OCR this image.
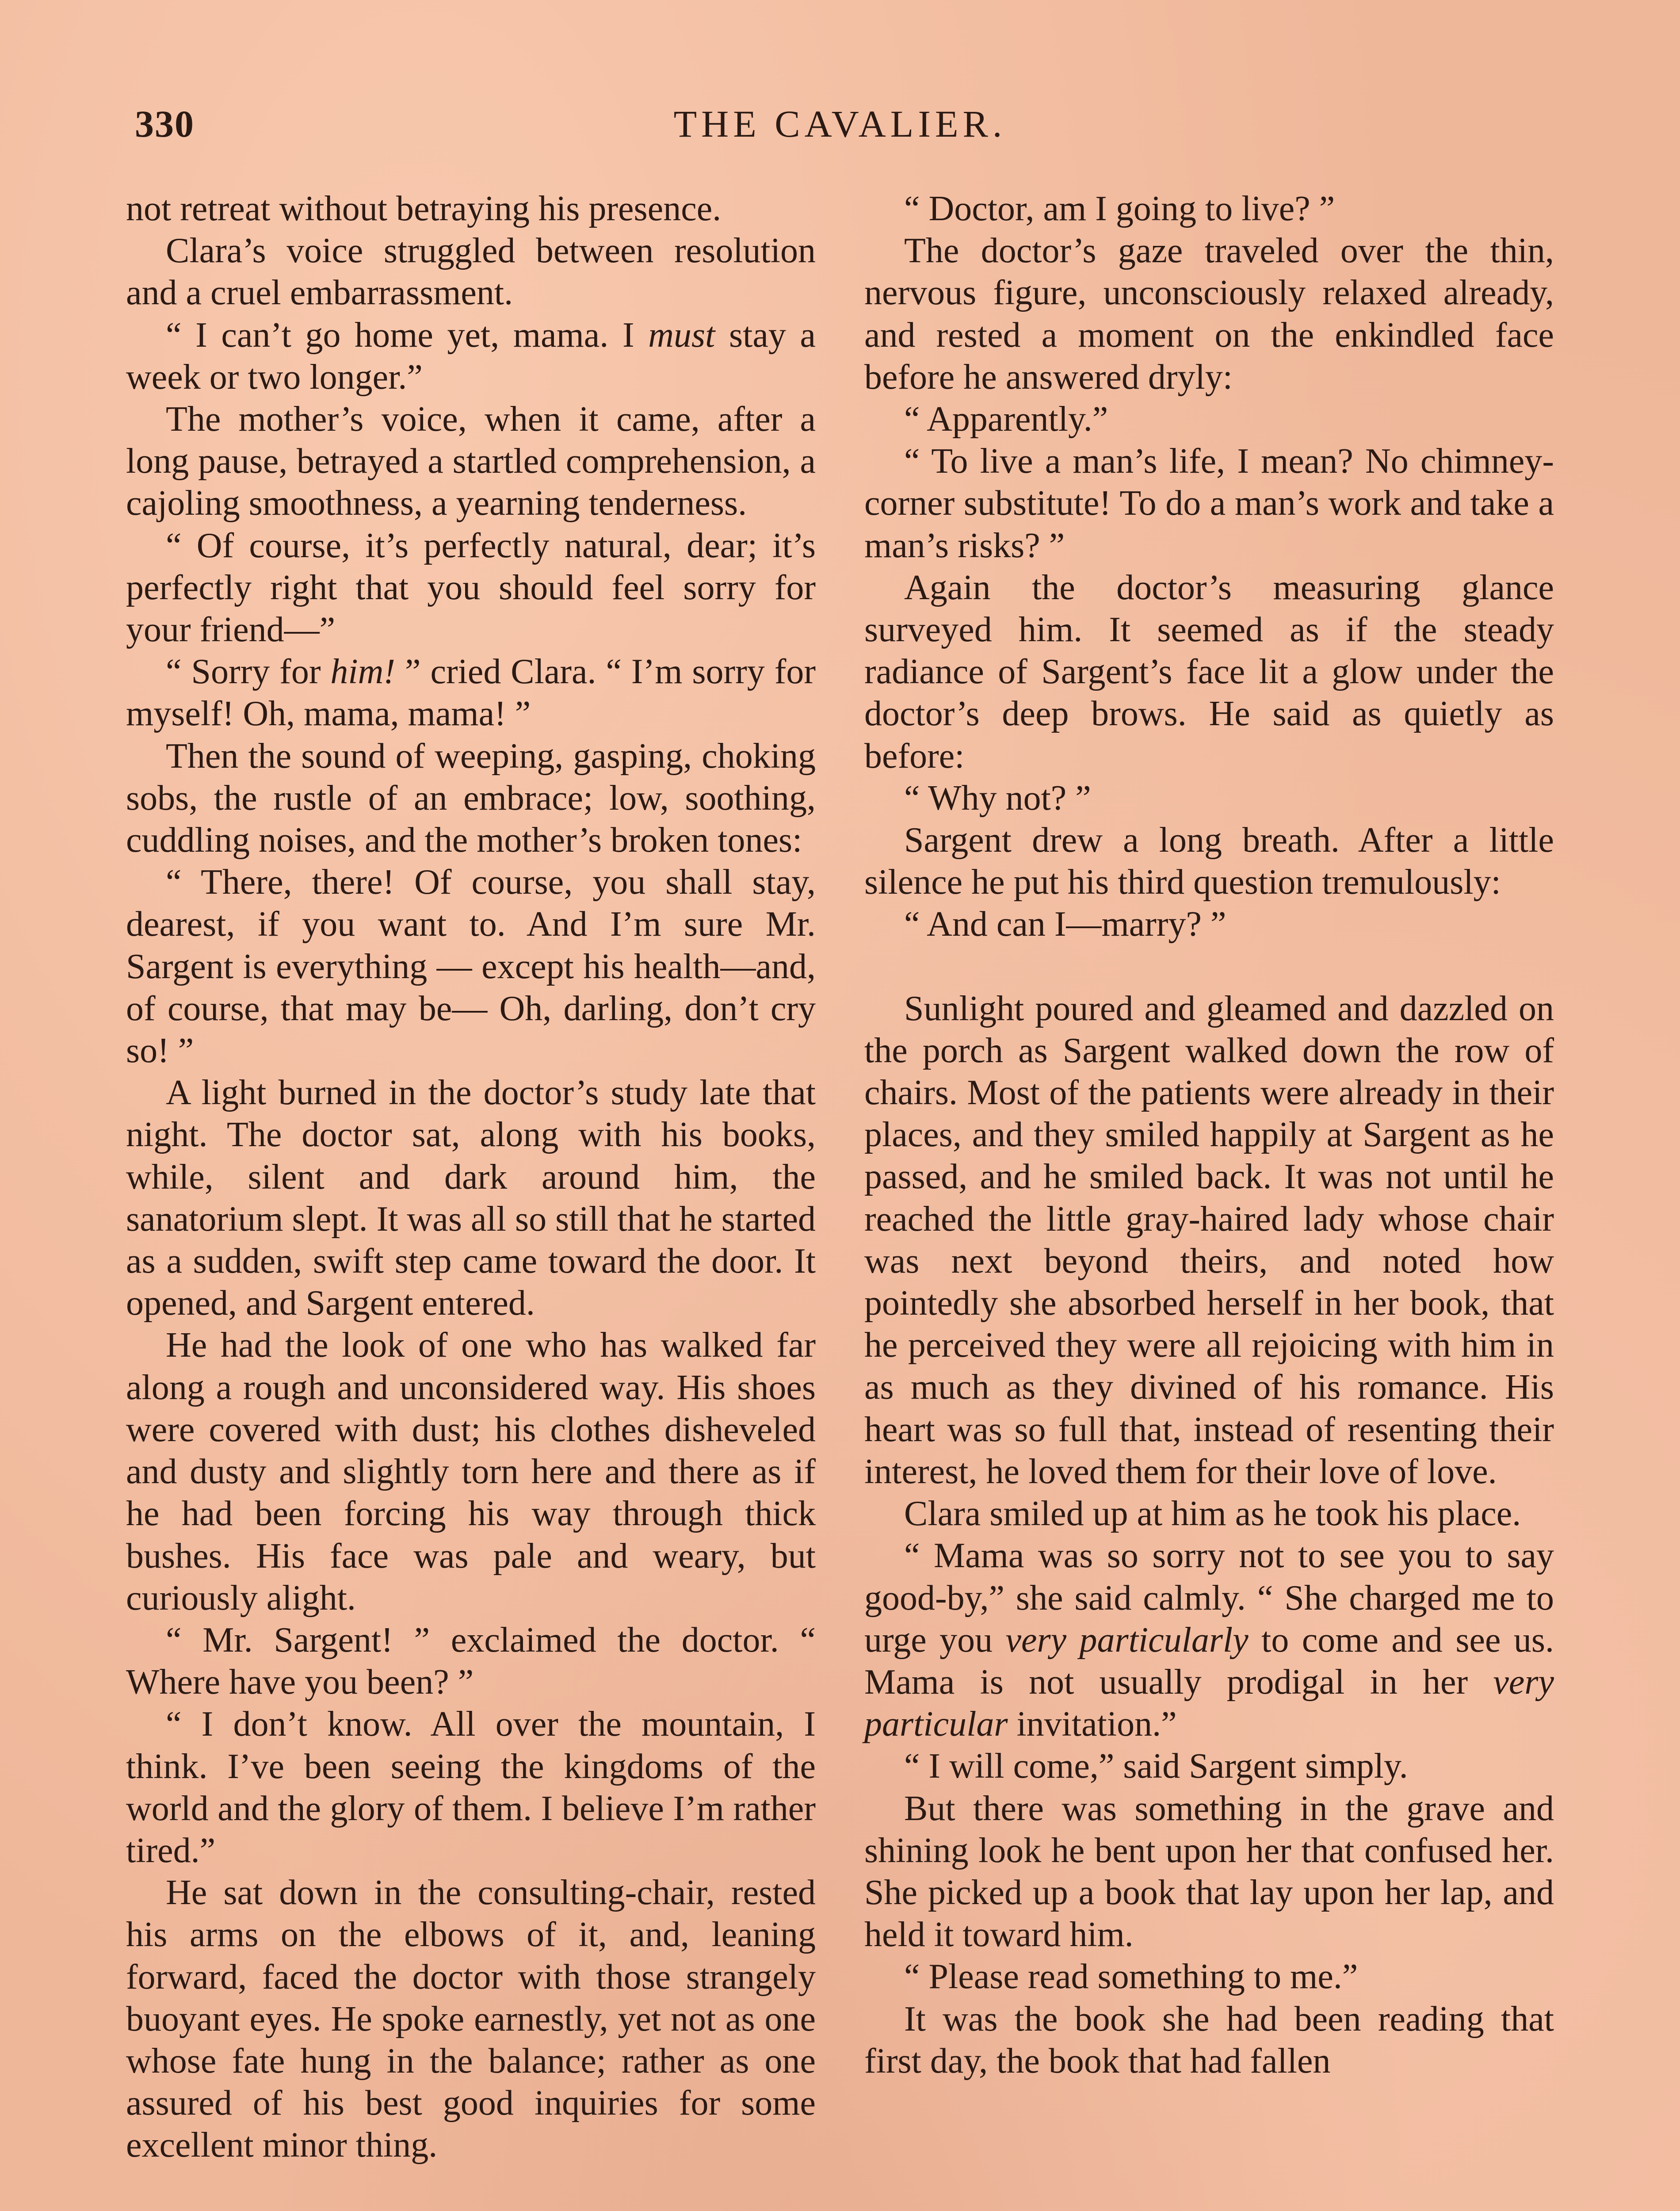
330	THE CAVALIER.

not retreat without betraying his presence.

Clara’s voice struggled between resolution and a cruel embarrassment.

“ I can’t go home yet, mama. I must stay a week or two longer.”

The mother’s voice, when it came, after a long pause, betrayed a startled comprehension, a cajoling smoothness, a yearning tenderness.

“ Of course, it’s perfectly natural, dear; it’s perfectly right that you should feel sorry for your friend—”

“ Sorry for him! ” cried Clara. “ I’m sorry for myself! Oh, mama, mama! ”

Then the sound of weeping, gasping, choking sobs, the rustle of an embrace; low, soothing, cuddling noises, and the mother’s broken tones:

“ There, there! Of course, you shall stay, dearest, if you want to. And I’m sure Mr. Sargent is everything — except his health—and, of course, that may be— Oh, darling, don’t cry so! ”

A light burned in the doctor’s study late that night. The doctor sat, along with his books, while, silent and dark around him, the sanatorium slept. It was all so still that he started as a sudden, swift step came toward the door. It opened, and Sargent entered.

He had the look of one who has walked far along a rough and unconsidered way. His shoes were covered with dust; his clothes disheveled and dusty and slightly torn here and there as if he had been forcing his way through thick bushes. His face was pale and weary, but curiously alight.

“ Mr. Sargent! ” exclaimed the doctor. “ Where have you been? ”

“ I don’t know. All over the mountain, I think. I’ve been seeing the kingdoms of the world and the glory of them. I believe I’m rather tired.”

He sat down in the consulting-chair, rested his arms on the elbows of it, and, leaning forward, faced the doctor with those strangely buoyant eyes. He spoke earnestly, yet not as one whose fate hung in the balance; rather as one assured of his best good inquiries for some excellent minor thing.

“ Doctor, am I going to live? ”

The doctor’s gaze traveled over the thin, nervous figure, unconsciously relaxed already, and rested a moment on the enkindled face before he answered dryly:

“ Apparently.”

“ To live a man’s life, I mean? No chimney-corner substitute! To do a man’s work and take a man’s risks? ”

Again the doctor’s measuring glance surveyed him. It seemed as if the steady radiance of Sargent’s face lit a glow under the doctor’s deep brows. He said as quietly as before:

“ Why not? ”

Sargent drew a long breath. After a little silence he put his third question tremulously:

“ And can I—marry? ”

Sunlight poured and gleamed and dazzled on the porch as Sargent walked down the row of chairs. Most of the patients were already in their places, and they smiled happily at Sargent as he passed, and he smiled back. It was not until he reached the little gray-haired lady whose chair was next beyond theirs, and noted how pointedly she absorbed herself in her book, that he perceived they were all rejoicing with him in as much as they divined of his romance. His heart was so full that, instead of resenting their interest, he loved them for their love of love.

Clara smiled up at him as he took his place.

“ Mama was so sorry not to see you to say good-by,” she said calmly. “ She charged me to urge you very particularly to come and see us. Mama is not usually prodigal in her very particular invitation.”

“ I will come,” said Sargent simply.

But there was something in the grave and shining look he bent upon her that confused her. She picked up a book that lay upon her lap, and held it toward him.

“ Please read something to me.”

It was the book she had been reading that first day, the book that had fallen
